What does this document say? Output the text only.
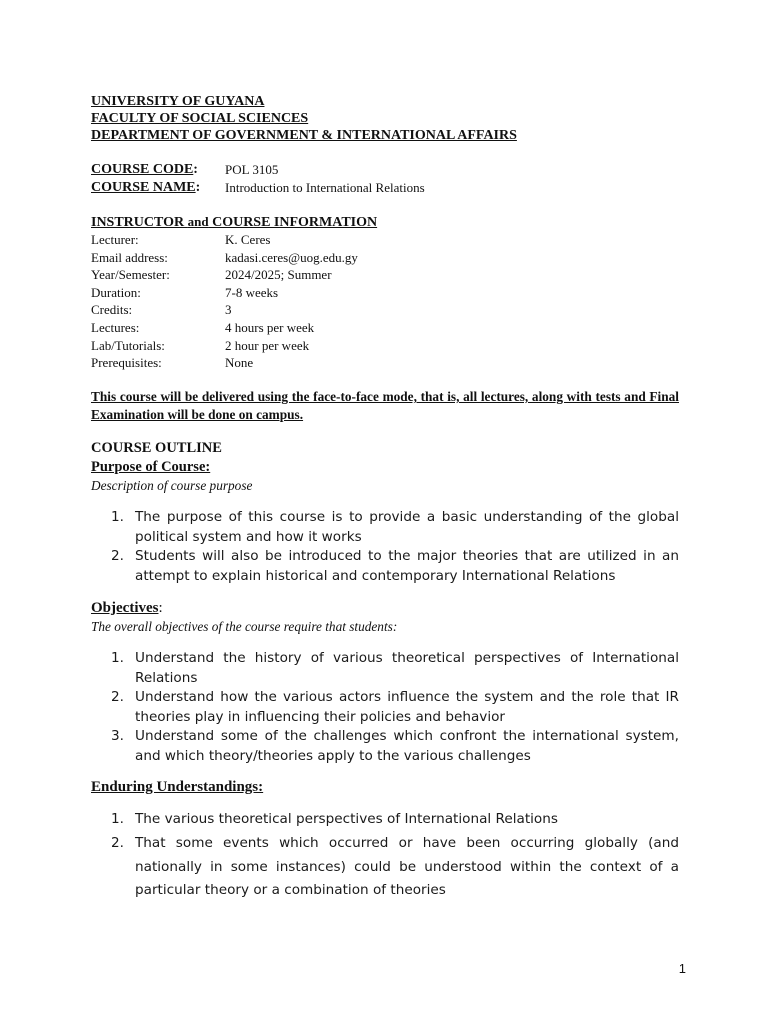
UNIVERSITY OF GUYANA
FACULTY OF SOCIAL SCIENCES
DEPARTMENT OF GOVERNMENT & INTERNATIONAL AFFAIRS
COURSE CODE:	POL 3105
COURSE NAME:	Introduction to International Relations
INSTRUCTOR and COURSE INFORMATION
Lecturer:	K. Ceres
Email address:	kadasi.ceres@uog.edu.gy
Year/Semester:	2024/2025; Summer
Duration:	7-8 weeks
Credits:	3
Lectures:	4 hours per week
Lab/Tutorials:	2 hour per week
Prerequisites:	None
This course will be delivered using the face-to-face mode, that is, all lectures, along with tests and Final Examination will be done on campus.
COURSE OUTLINE
Purpose of Course:
Description of course purpose
1. The purpose of this course is to provide a basic understanding of the global political system and how it works
2. Students will also be introduced to the major theories that are utilized in an attempt to explain historical and contemporary International Relations
Objectives:
The overall objectives of the course require that students:
1. Understand the history of various theoretical perspectives of International Relations
2. Understand how the various actors influence the system and the role that IR theories play in influencing their policies and behavior
3. Understand some of the challenges which confront the international system, and which theory/theories apply to the various challenges
Enduring Understandings:
1. The various theoretical perspectives of International Relations
2. That some events which occurred or have been occurring globally (and nationally in some instances) could be understood within the context of a particular theory or a combination of theories
1
